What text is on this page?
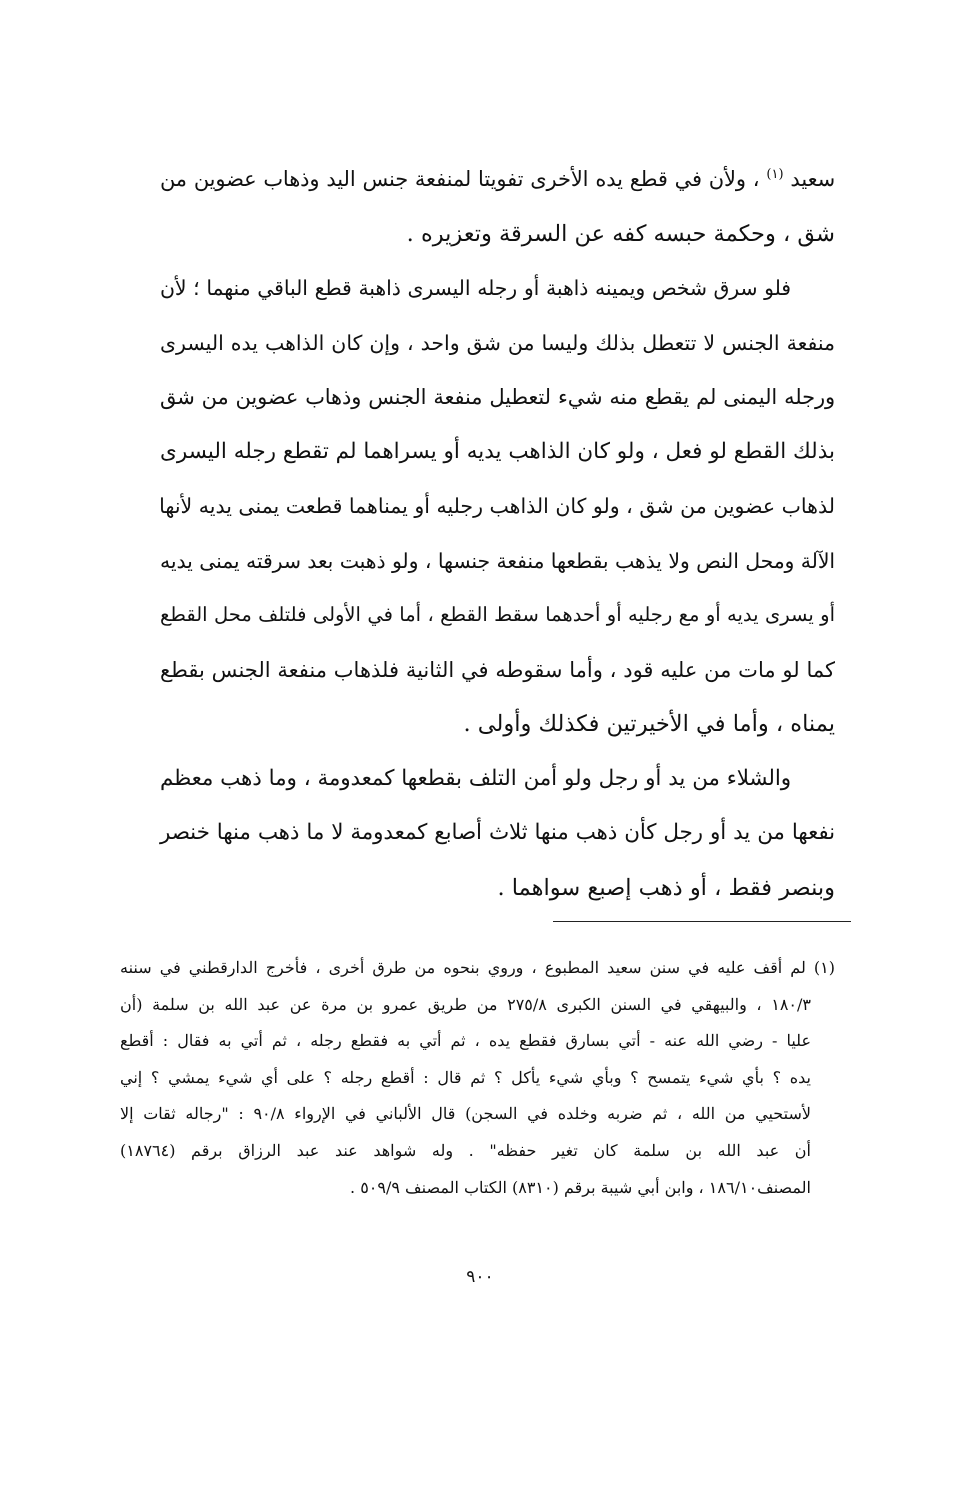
سعيد $^{(١)}$ ، ولأن في قطع يده الأخرى تفويتا لمنفعة جنس اليد وذهاب عضوين من
شق ، وحكمة حبسه كفه عن السرقة وتعزيره .
فلو سرق شخص ويمينه ذاهبة أو رجله اليسرى ذاهبة قطع الباقي منهما ؛ لأن
منفعة الجنس لا تتعطل بذلك وليسا من شق واحد ، وإن كان الذاهب يده اليسرى
ورجله اليمنى لم يقطع منه شيء لتعطيل منفعة الجنس وذهاب عضوين من شق
بذلك القطع لو فعل ، ولو كان الذاهب يديه أو يسراهما لم تقطع رجله اليسرى
لذهاب عضوين من شق ، ولو كان الذاهب رجليه أو يمناهما قطعت يمنى يديه لأنها
الآلة ومحل النص ولا يذهب بقطعها منفعة جنسها ، ولو ذهبت بعد سرقته يمنى يديه
أو يسرى يديه أو مع رجليه أو أحدهما سقط القطع ، أما في الأولى فلتلف محل القطع
كما لو مات من عليه قود ، وأما سقوطه في الثانية فلذهاب منفعة الجنس بقطع
يمناه ، وأما في الأخيرتين فكذلك وأولى .
والشلاء من يد أو رجل ولو أمن التلف بقطعها كمعدومة ، وما ذهب معظم
نفعها من يد أو رجل كأن ذهب منها ثلاث أصابع كمعدومة لا ما ذهب منها خنصر
وبنصر فقط ، أو ذهب إصبع سواهما .
(١) لم أقف عليه في سنن سعيد المطبوع ، وروي بنحوه من طرق أخرى ، فأخرج الدارقطني في سننه
١٨٠/٣ ، والبيهقي في السنن الكبرى ٢٧٥/٨ من طريق عمرو بن مرة عن عبد الله بن سلمة (أن
عليا - رضي الله عنه - أتي بسارق فقطع يده ، ثم أتي به فقطع رجله ، ثم أتي به فقال : أقطع
يده ؟ بأي شيء يتمسح ؟ وبأي شيء يأكل ؟ ثم قال : أقطع رجله ؟ على أي شيء يمشي ؟ إني
لأستحيي من الله ، ثم ضربه وخلده في السجن) قال الألباني في الإرواء ٩٠/٨ : "رجاله ثقات إلا
أن عبد الله بن سلمة كان تغير حفظه" . وله شواهد عند عبد الرزاق برقم (١٨٧٦٤)
المصنف١٨٦/١٠ ، وابن أبي شيبة برقم (٨٣١٠) الكتاب المصنف ٥٠٩/٩ .
٩٠٠
